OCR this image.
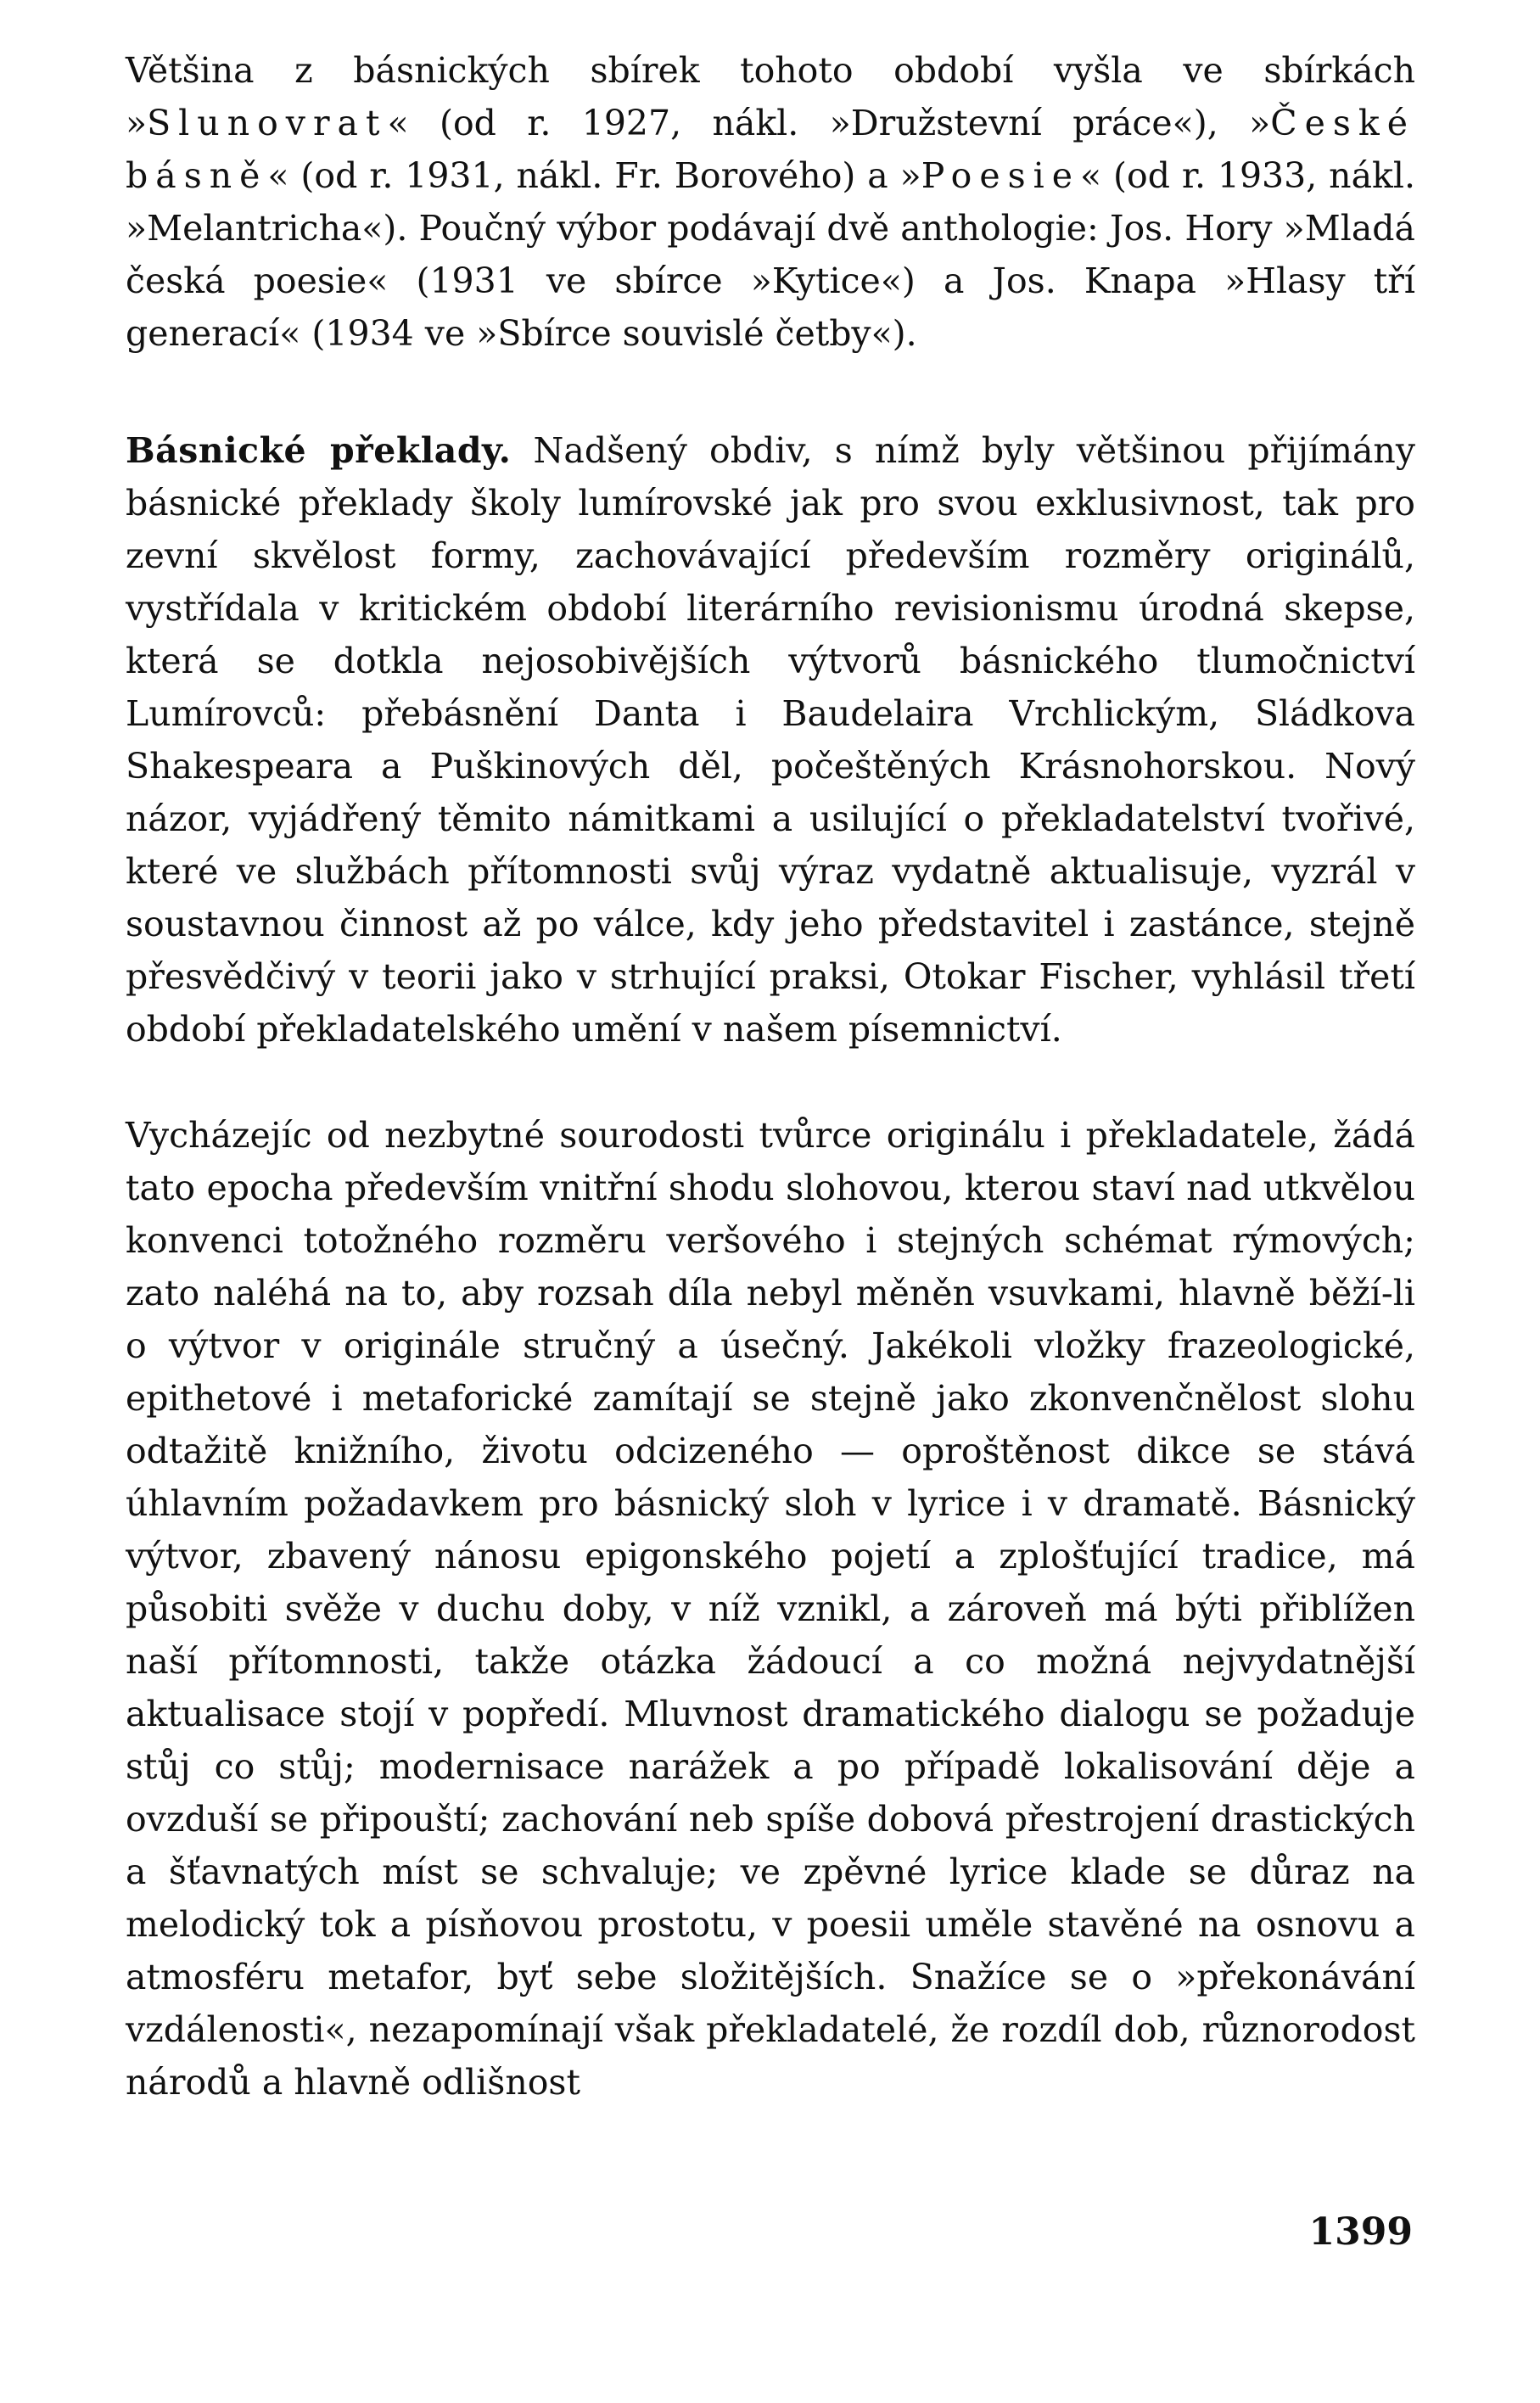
Většina z básnických sbírek tohoto období vyšla ve sbírkách »Slunovrat« (od r. 1927, nákl. »Družstevní práce«), »České básně« (od r. 1931, nákl. Fr. Borového) a »Poesie« (od r. 1933, nákl. »Melantricha«). Poučný výbor podávají dvě anthologie: Jos. Hory »Mladá česká poesie« (1931 ve sbírce »Kytice«) a Jos. Knapa »Hlasy tří generací« (1934 ve »Sbírce souvislé četby«).
Básnické překlady. Nadšený obdiv, s nímž byly většinou přijímány básnické překlady školy lumírovské jak pro svou exklusivnost, tak pro zevní skvělost formy, zachovávající především rozměry originálů, vystřídala v kritickém období literárního revisionismu úrodná skepse, která se dotkla nejosobivějších výtvorů básnického tlumočnictví Lumírovců: přebásnění Danta i Baudelaira Vrchlickým, Sládkova Shakespeara a Puškinových děl, počeštěných Krásnohorskou. Nový názor, vyjádřený těmito námitkami a usilující o překladatelství tvořivé, které ve službách přítomnosti svůj výraz vydatně aktualisuje, vyzrál v soustavnou činnost až po válce, kdy jeho představitel i zastánce, stejně přesvědčivý v teorii jako v strhující praksi, Otokar Fischer, vyhlásil třetí období překladatelského umění v našem písemnictví.
Vycházejíc od nezbytné sourodosti tvůrce originálu i překladatele, žádá tato epocha především vnitřní shodu slohovou, kterou staví nad utkvělou konvenci totožného rozměru veršového i stejných schémat rýmových; zato naléhá na to, aby rozsah díla nebyl měněn vsuvkami, hlavně běží-li o výtvor v originále stručný a úsečný. Jakékoli vložky frazeologické, epithetové i metaforické zamítají se stejně jako zkonvenčnělost slohu odtažitě knižního, životu odcizeného — oproštěnost dikce se stává úhlavním požadavkem pro básnický sloh v lyrice i v dramatě. Básnický výtvor, zbavený nánosu epigonského pojetí a zplošťující tradice, má působiti svěže v duchu doby, v níž vznikl, a zároveň má býti přiblížen naší přítomnosti, takže otázka žádoucí a co možná nejvydatnější aktualisace stojí v popředí. Mluvnost dramatického dialogu se požaduje stůj co stůj; modernisace narážek a po případě lokalisování děje a ovzduší se připouští; zachování neb spíše dobová přestrojení drastických a šťavnatých míst se schvaluje; ve zpěvné lyrice klade se důraz na melodický tok a písňovou prostotu, v poesii uměle stavěné na osnovu a atmosféru metafor, byť sebe složitějších. Snažíce se o »překonávání vzdálenosti«, nezapomínají však překladatelé, že rozdíl dob, různorodost národů a hlavně odlišnost
1399
